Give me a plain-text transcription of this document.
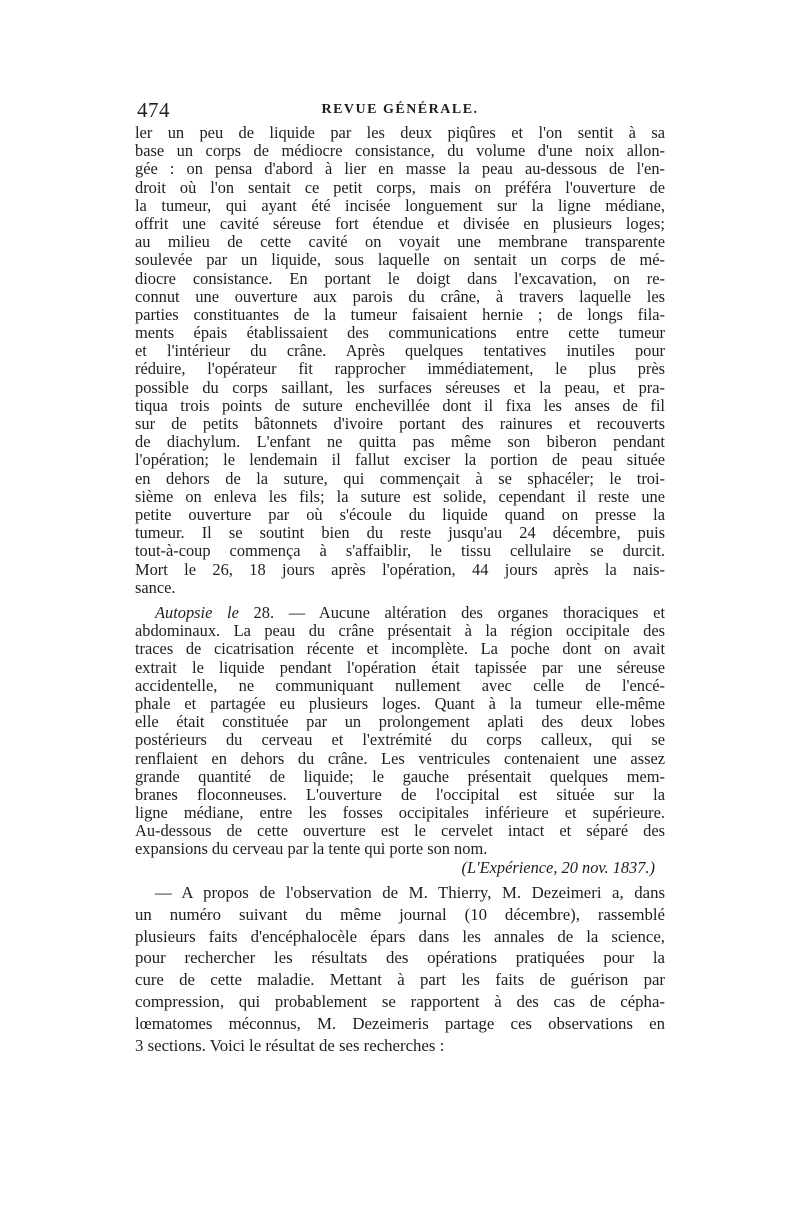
474	REVUE GÉNÉRALE.
ler un peu de liquide par les deux piqûres et l'on sentit à sa
base un corps de médiocre consistance, du volume d'une noix allon-
gée : on pensa d'abord à lier en masse la peau au-dessous de l'en-
droit où l'on sentait ce petit corps, mais on préféra l'ouverture de
la tumeur, qui ayant été incisée longuement sur la ligne médiane,
offrit une cavité séreuse fort étendue et divisée en plusieurs loges;
au milieu de cette cavité on voyait une membrane transparente
soulevée par un liquide, sous laquelle on sentait un corps de mé-
diocre consistance. En portant le doigt dans l'excavation, on re-
connut une ouverture aux parois du crâne, à travers laquelle les
parties constituantes de la tumeur faisaient hernie ; de longs fila-
ments épais établissaient des communications entre cette tumeur
et l'intérieur du crâne. Après quelques tentatives inutiles pour
réduire, l'opérateur fit rapprocher immédiatement, le plus près
possible du corps saillant, les surfaces séreuses et la peau, et pra-
tiqua trois points de suture enchevillée dont il fixa les anses de fil
sur de petits bâtonnets d'ivoire portant des rainures et recouverts
de diachylum. L'enfant ne quitta pas même son biberon pendant
l'opération; le lendemain il fallut exciser la portion de peau située
en dehors de la suture, qui commençait à se sphacéler; le troi-
sième on enleva les fils; la suture est solide, cependant il reste une
petite ouverture par où s'écoule du liquide quand on presse la
tumeur. Il se soutint bien du reste jusqu'au 24 décembre, puis
tout-à-coup commença à s'affaiblir, le tissu cellulaire se durcit.
Mort le 26, 18 jours après l'opération, 44 jours après la nais-
sance.
Autopsie le 28. — Aucune altération des organes thoraciques et
abdominaux. La peau du crâne présentait à la région occipitale des
traces de cicatrisation récente et incomplète. La poche dont on avait
extrait le liquide pendant l'opération était tapissée par une séreuse
accidentelle, ne communiquant nullement avec celle de l'encé-
phale et partagée eu plusieurs loges. Quant à la tumeur elle-même
elle était constituée par un prolongement aplati des deux lobes
postérieurs du cerveau et l'extrémité du corps calleux, qui se
renflaient en dehors du crâne. Les ventricules contenaient une assez
grande quantité de liquide; le gauche présentait quelques mem-
branes floconneuses. L'ouverture de l'occipital est située sur la
ligne médiane, entre les fosses occipitales inférieure et supérieure.
Au-dessous de cette ouverture est le cervelet intact et séparé des
expansions du cerveau par la tente qui porte son nom.
(L'Expérience, 20 nov. 1837.)
— A propos de l'observation de M. Thierry, M. Dezeimeri a, dans
un numéro suivant du même journal (10 décembre), rassemblé
plusieurs faits d'encéphalocèle épars dans les annales de la science,
pour rechercher les résultats des opérations pratiquées pour la
cure de cette maladie. Mettant à part les faits de guérison par
compression, qui probablement se rapportent à des cas de cépha-
lœmatomes méconnus, M. Dezeimeris partage ces observations en
3 sections. Voici le résultat de ses recherches :
